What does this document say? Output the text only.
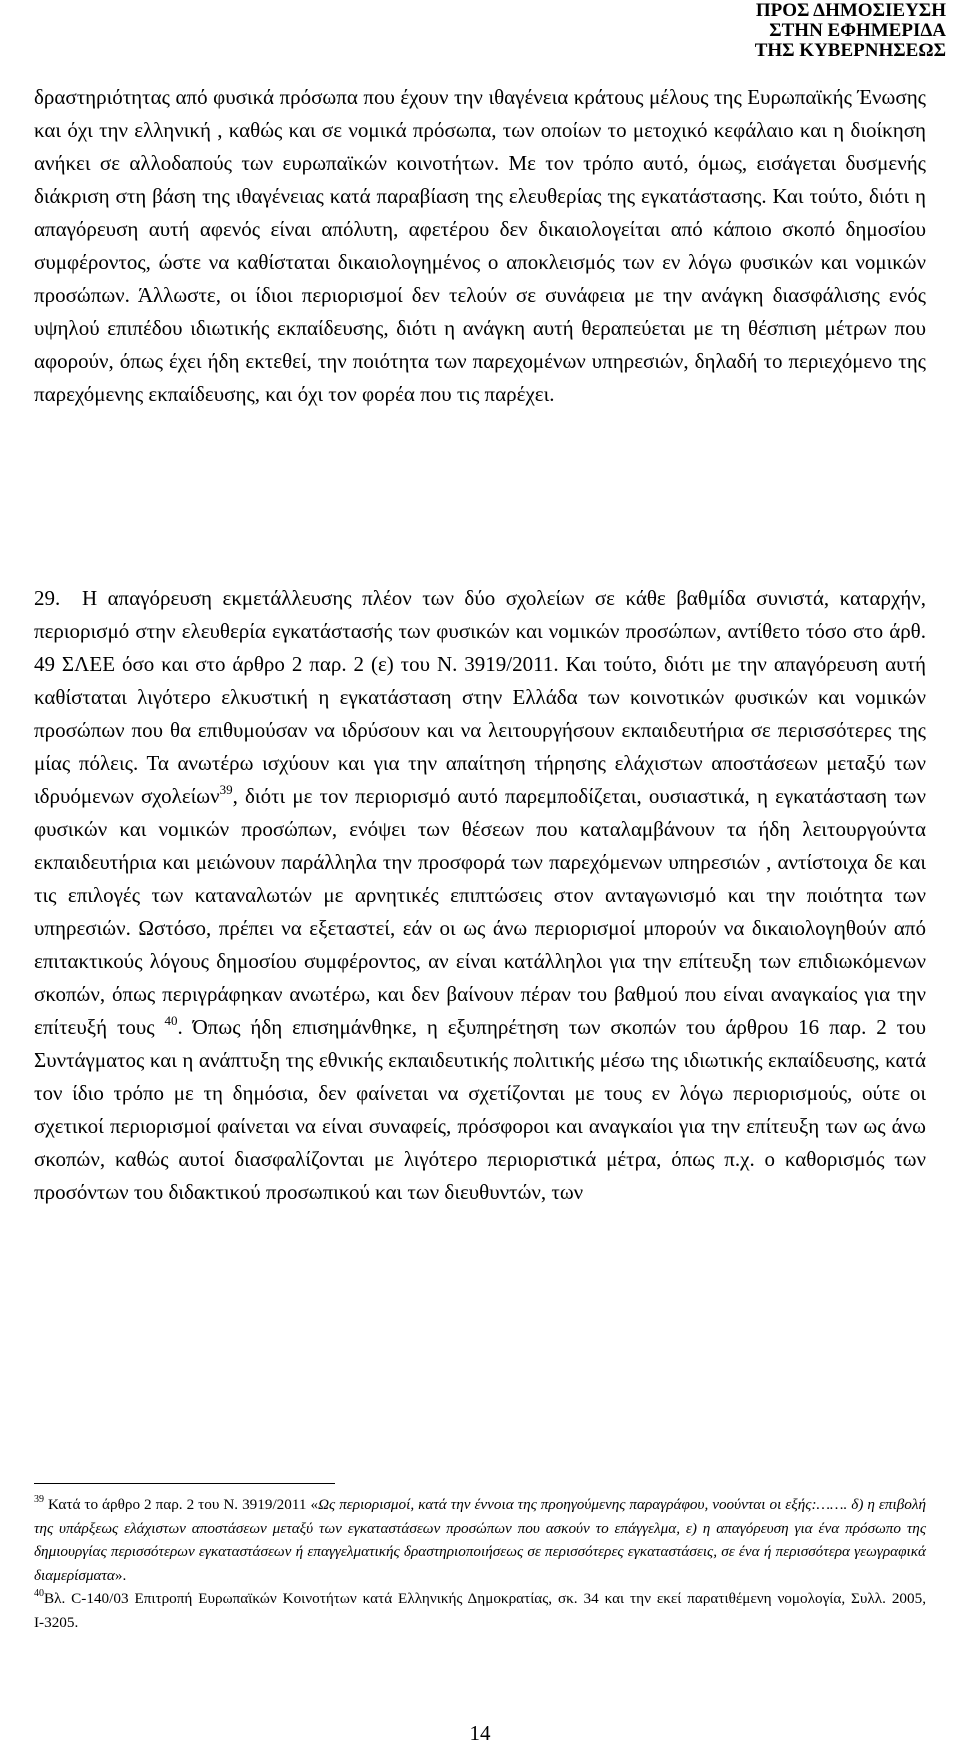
ΠΡΟΣ ΔΗΜΟΣΙΕΥΣΗ
ΣΤΗΝ ΕΦΗΜΕΡΙΔΑ
ΤΗΣ ΚΥΒΕΡΝΗΣΕΩΣ
δραστηριότητας από φυσικά πρόσωπα που έχουν την ιθαγένεια κράτους μέλους της Ευρωπαϊκής Ένωσης και όχι την ελληνική , καθώς και σε νομικά πρόσωπα, των οποίων το μετοχικό κεφάλαιο και η διοίκηση ανήκει σε αλλοδαπούς των ευρωπαϊκών κοινοτήτων. Με τον τρόπο αυτό, όμως, εισάγεται δυσμενής διάκριση στη βάση της ιθαγένειας κατά παραβίαση της ελευθερίας της εγκατάστασης. Και τούτο, διότι η απαγόρευση αυτή αφενός είναι απόλυτη, αφετέρου δεν δικαιολογείται από κάποιο σκοπό δημοσίου συμφέροντος, ώστε να καθίσταται δικαιολογημένος ο αποκλεισμός των εν λόγω φυσικών και νομικών προσώπων. Άλλωστε, οι ίδιοι περιορισμοί δεν τελούν σε συνάφεια με την ανάγκη διασφάλισης ενός υψηλού επιπέδου ιδιωτικής εκπαίδευσης, διότι η ανάγκη αυτή θεραπεύεται με τη θέσπιση μέτρων που αφορούν, όπως έχει ήδη εκτεθεί, την ποιότητα των παρεχομένων υπηρεσιών, δηλαδή το περιεχόμενο της παρεχόμενης εκπαίδευσης, και όχι τον φορέα που τις παρέχει.
29. Η απαγόρευση εκμετάλλευσης πλέον των δύο σχολείων σε κάθε βαθμίδα συνιστά, καταρχήν, περιορισμό στην ελευθερία εγκατάστασής των φυσικών και νομικών προσώπων, αντίθετο τόσο στο άρθ. 49 ΣΛΕΕ όσο και στο άρθρο 2 παρ. 2 (ε) του Ν. 3919/2011. Και τούτο, διότι με την απαγόρευση αυτή καθίσταται λιγότερο ελκυστική η εγκατάσταση στην Ελλάδα των κοινοτικών φυσικών και νομικών προσώπων που θα επιθυμούσαν να ιδρύσουν και να λειτουργήσουν εκπαιδευτήρια σε περισσότερες της μίας πόλεις. Τα ανωτέρω ισχύουν και για την απαίτηση τήρησης ελάχιστων αποστάσεων μεταξύ των ιδρυόμενων σχολείων$^{39}$, διότι με τον περιορισμό αυτό παρεμποδίζεται, ουσιαστικά, η εγκατάσταση των φυσικών και νομικών προσώπων, ενόψει των θέσεων που καταλαμβάνουν τα ήδη λειτουργούντα εκπαιδευτήρια και μειώνουν παράλληλα την προσφορά των παρεχόμενων υπηρεσιών , αντίστοιχα δε και τις επιλογές των καταναλωτών με αρνητικές επιπτώσεις στον ανταγωνισμό και την ποιότητα των υπηρεσιών. Ωστόσο, πρέπει να εξεταστεί, εάν οι ως άνω περιορισμοί μπορούν να δικαιολογηθούν από επιτακτικούς λόγους δημοσίου συμφέροντος, αν είναι κατάλληλοι για την επίτευξη των επιδιωκόμενων σκοπών, όπως περιγράφηκαν ανωτέρω, και δεν βαίνουν πέραν του βαθμού που είναι αναγκαίος για την επίτευξή τους $^{40}$. Όπως ήδη επισημάνθηκε, η εξυπηρέτηση των σκοπών του άρθρου 16 παρ. 2 του Συντάγματος και η ανάπτυξη της εθνικής εκπαιδευτικής πολιτικής μέσω της ιδιωτικής εκπαίδευσης, κατά τον ίδιο τρόπο με τη δημόσια, δεν φαίνεται να σχετίζονται με τους εν λόγω περιορισμούς, ούτε οι σχετικοί περιορισμοί φαίνεται να είναι συναφείς, πρόσφοροι και αναγκαίοι για την επίτευξη των ως άνω σκοπών, καθώς αυτοί διασφαλίζονται με λιγότερο περιοριστικά μέτρα, όπως π.χ. ο καθορισμός των προσόντων του διδακτικού προσωπικού και των διευθυντών, των

$^{39}$ Κατά το άρθρο 2 παρ. 2 του Ν. 3919/2011 «Ως περιορισμοί, κατά την έννοια της προηγούμενης παραγράφου, νοούνται οι εξής:……. δ) η επιβολή της υπάρξεως ελάχιστων αποστάσεων μεταξύ των εγκαταστάσεων προσώπων που ασκούν το επάγγελμα, ε) η απαγόρευση για ένα πρόσωπο της δημιουργίας περισσότερων εγκαταστάσεων ή επαγγελματικής δραστηριοποιήσεως σε περισσότερες εγκαταστάσεις, σε ένα ή περισσότερα γεωγραφικά διαμερίσματα».

$^{40}$Βλ. C-140/03 Επιτροπή Ευρωπαϊκών Κοινοτήτων κατά Ελληνικής Δημοκρατίας, σκ. 34 και την εκεί παρατιθέμενη νομολογία, Συλλ. 2005, Ι-3205.

14
